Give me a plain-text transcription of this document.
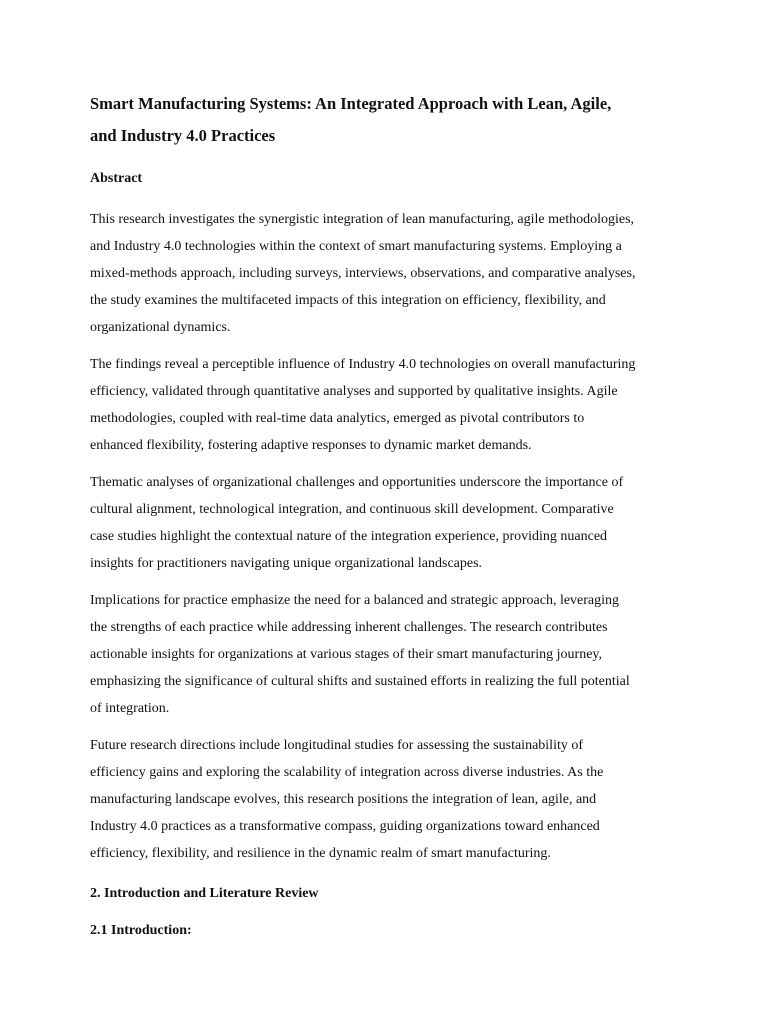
Smart Manufacturing Systems: An Integrated Approach with Lean, Agile,
and Industry 4.0 Practices
Abstract

This research investigates the synergistic integration of lean manufacturing, agile methodologies,
and Industry 4.0 technologies within the context of smart manufacturing systems. Employing a
mixed-methods approach, including surveys, interviews, observations, and comparative analyses,
the study examines the multifaceted impacts of this integration on efficiency, flexibility, and
organizational dynamics.

The findings reveal a perceptible influence of Industry 4.0 technologies on overall manufacturing
efficiency, validated through quantitative analyses and supported by qualitative insights. Agile
methodologies, coupled with real-time data analytics, emerged as pivotal contributors to
enhanced flexibility, fostering adaptive responses to dynamic market demands.

Thematic analyses of organizational challenges and opportunities underscore the importance of
cultural alignment, technological integration, and continuous skill development. Comparative
case studies highlight the contextual nature of the integration experience, providing nuanced
insights for practitioners navigating unique organizational landscapes.

Implications for practice emphasize the need for a balanced and strategic approach, leveraging
the strengths of each practice while addressing inherent challenges. The research contributes
actionable insights for organizations at various stages of their smart manufacturing journey,
emphasizing the significance of cultural shifts and sustained efforts in realizing the full potential
of integration.

Future research directions include longitudinal studies for assessing the sustainability of
efficiency gains and exploring the scalability of integration across diverse industries. As the
manufacturing landscape evolves, this research positions the integration of lean, agile, and
Industry 4.0 practices as a transformative compass, guiding organizations toward enhanced
efficiency, flexibility, and resilience in the dynamic realm of smart manufacturing.

2. Introduction and Literature Review
2.1 Introduction:
